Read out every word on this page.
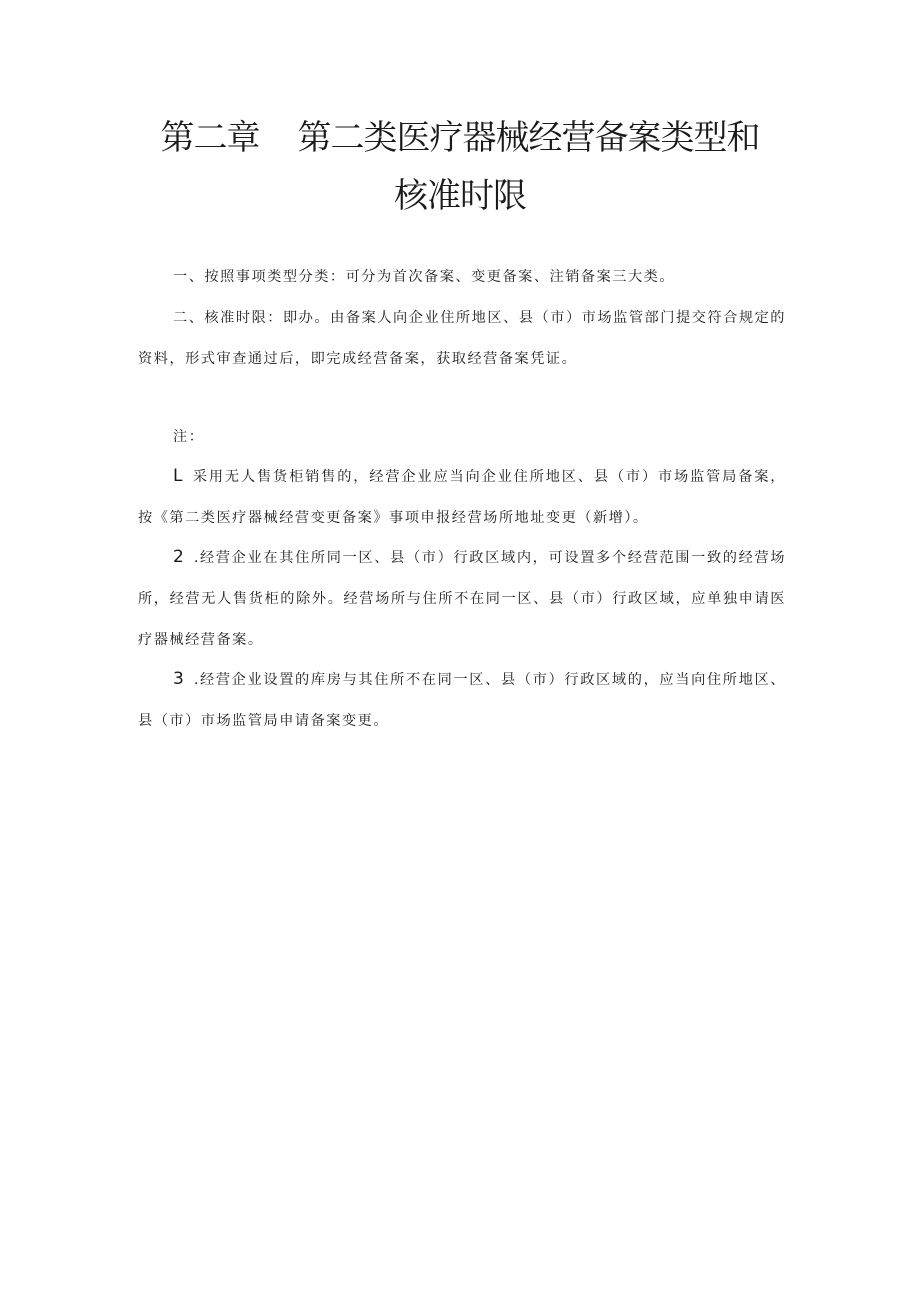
第二章 第二类医疗器械经营备案类型和
核准时限

一、按照事项类型分类：可分为首次备案、变更备案、注销备案三大类。

二、核准时限：即办。由备案人向企业住所地区、县（市）市场监管部门提交符合规定的资料，形式审查通过后，即完成经营备案，获取经营备案凭证。

注：

L 采用无人售货柜销售的，经营企业应当向企业住所地区、县（市）市场监管局备案，按《第二类医疗器械经营变更备案》事项申报经营场所地址变更（新增）。

2 .经营企业在其住所同一区、县（市）行政区域内，可设置多个经营范围一致的经营场所，经营无人售货柜的除外。经营场所与住所不在同一区、县（市）行政区域，应单独申请医疗器械经营备案。

3 .经营企业设置的库房与其住所不在同一区、县（市）行政区域的，应当向住所地区、县（市）市场监管局申请备案变更。
